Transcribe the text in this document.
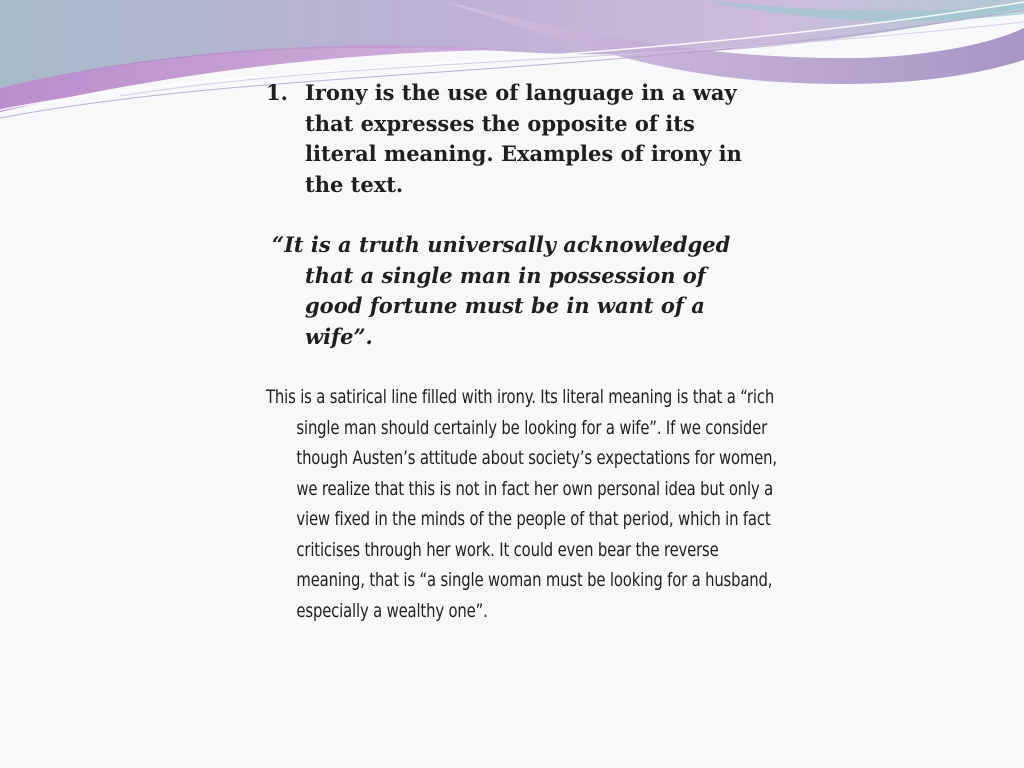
1. Irony is the use of language in a way that expresses the opposite of its literal meaning. Examples of irony in the text.

“It is a truth universally acknowledged that a single man in possession of good fortune must be in want of a wife”.

This is a satirical line filled with irony. Its literal meaning is that a “rich single man should certainly be looking for a wife”. If we consider though Austen’s attitude about society’s expectations for women, we realize that this is not in fact her own personal idea but only a view fixed in the minds of the people of that period, which in fact criticises through her work. It could even bear the reverse meaning, that is “a single woman must be looking for a husband, especially a wealthy one”.
